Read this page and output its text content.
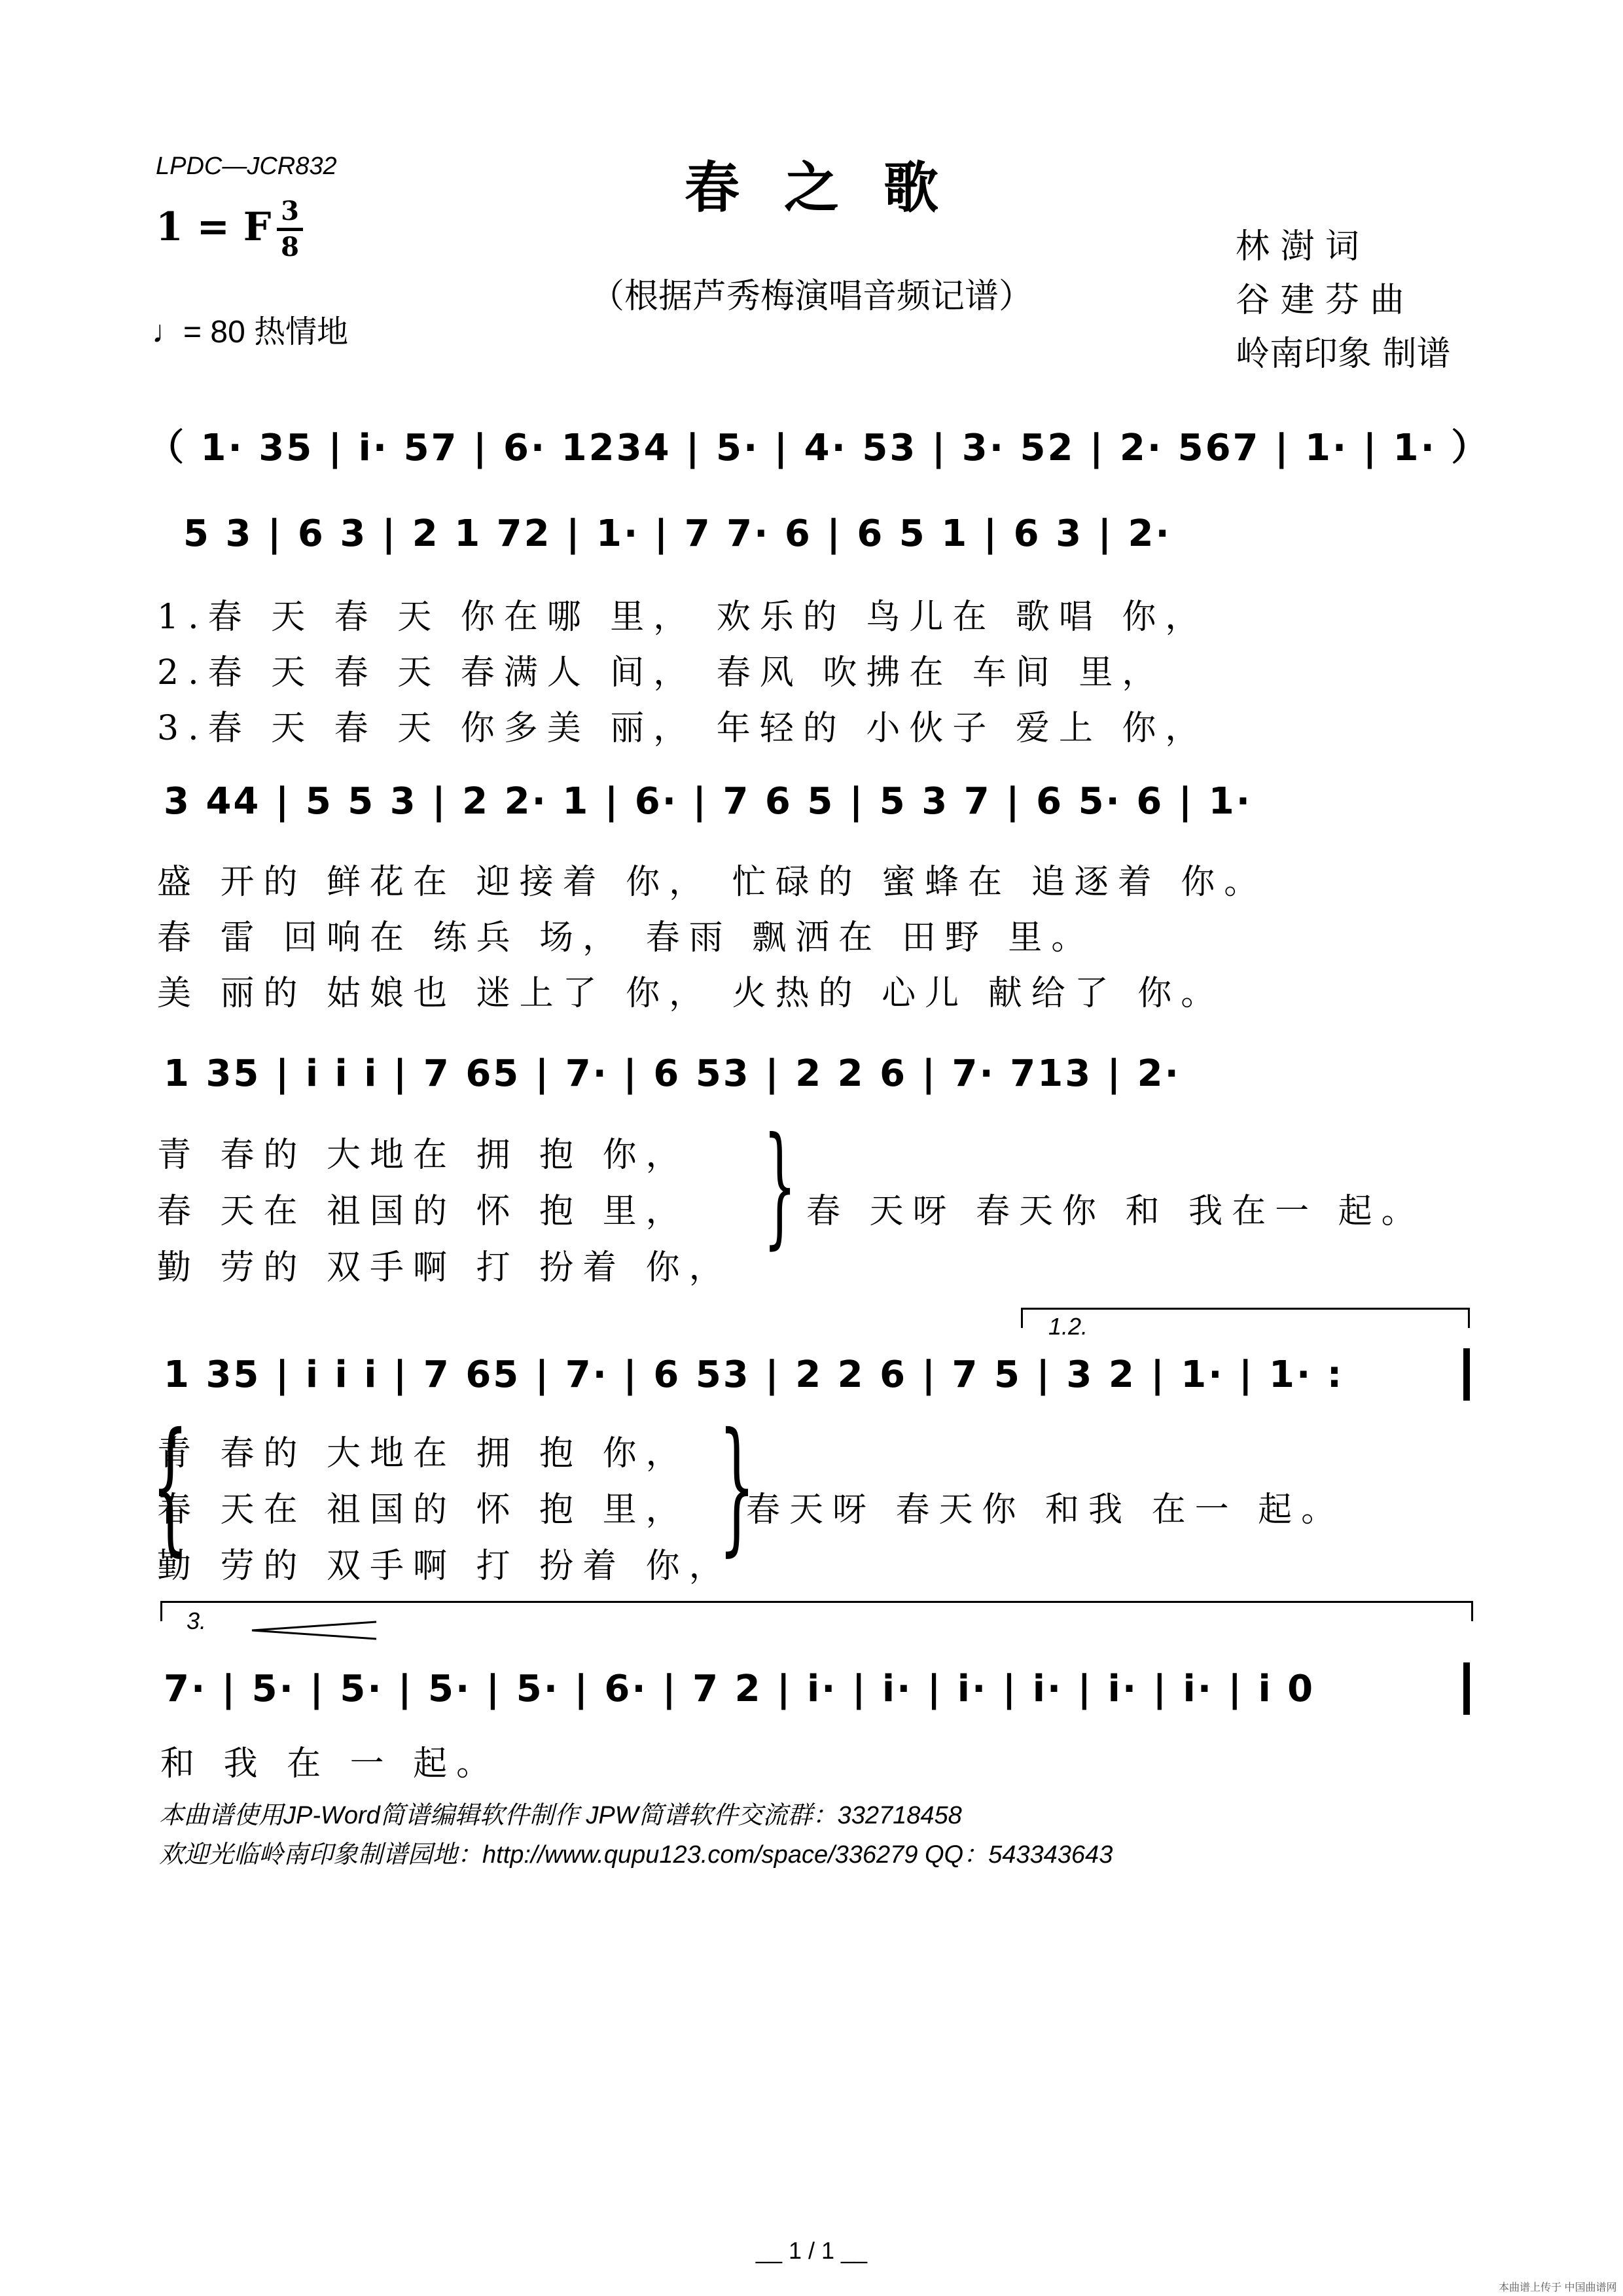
LPDC—JCR832	春之歌
1 = F 3
8
♩= 80 热情地
（根据芦秀梅演唱音频记谱）
林 澍 词
谷 建 芬 曲
岭南印象 制谱
（ 1· 35 | i· 57 | 6· 1234 | 5· | 4· 53 | 3· 52 | 2· 567 | 1· | 1· ）
5 3 | 6 3 | 2 1 72 | 1· | 7 7· 6 | 6 5 1 | 6 3 | 2·
1.春 天 春 天 你在哪 里， 欢乐的 鸟儿在 歌唱 你，
2.春 天 春 天 春满人 间， 春风 吹拂在 车间 里，
3.春 天 春 天 你多美 丽， 年轻的 小伙子 爱上 你，
3 44 | 5 5 3 | 2 2· 1 | 6· | 7 6 5 | 5 3 7 | 6 5· 6 | 1·
盛 开的 鲜花在 迎接着 你， 忙碌的 蜜蜂在 追逐着 你。
春 雷 回响在 练兵 场， 春雨 飘洒在 田野 里。
美 丽的 姑娘也 迷上了 你， 火热的 心儿 献给了 你。
1 35 | i i i | 7 65 | 7· | 6 53 | 2 2 6 | 7· 713 | 2·
青 春的 大地在 拥 抱 你，
春 天在 祖国的 怀 抱 里，
勤 劳的 双手啊 打 扮着 你，
} 春 天呀 春天你 和 我在一 起。
1.2.
1 35 | i i i | 7 65 | 7· | 6 53 | 2 2 6 | 7 5 | 3 2 | 1· | 1· :
{
青 春的 大地在 拥 抱 你，
春 天在 祖国的 怀 抱 里，
勤 劳的 双手啊 打 扮着 你，
}
春天呀 春天你 和我 在一 起。
3.
7· | 5· | 5· | 5· | 5· | 6· | 7 2 | i· | i· | i· | i· | i· | i· | i 0
和 我 在 一 起。
本曲谱使用JP-Word简谱编辑软件制作 JPW简谱软件交流群：332718458
欢迎光临岭南印象制谱园地：http://www.qupu123.com/space/336279 QQ：543343643
__ 1 / 1 __
本曲谱上传于 中国曲谱网
